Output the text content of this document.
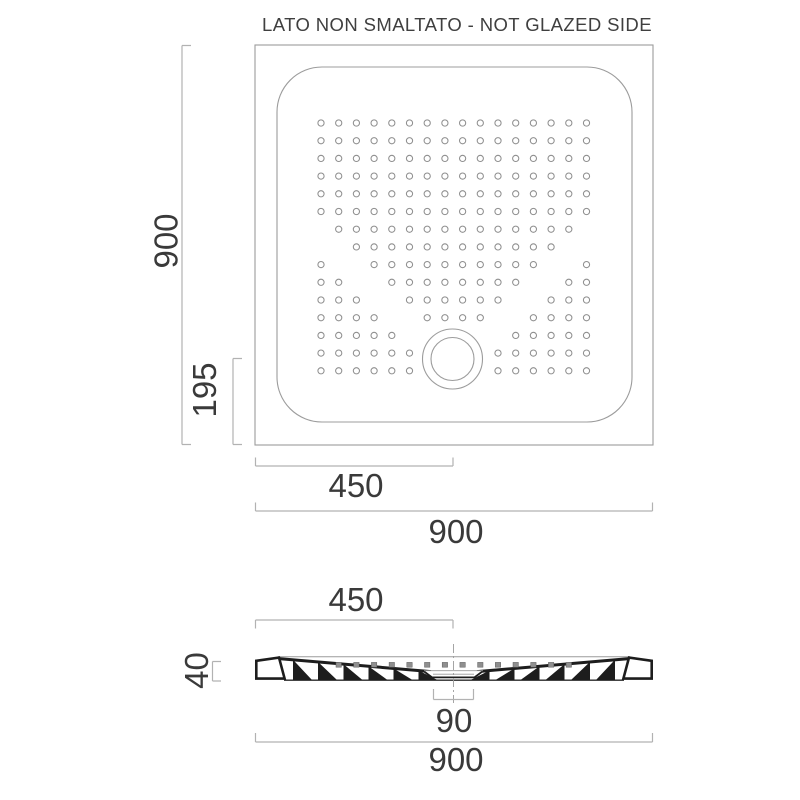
LATO NON SMALTATO - NOT GLAZED SIDE
900
195
450
900
450
40
90
900
